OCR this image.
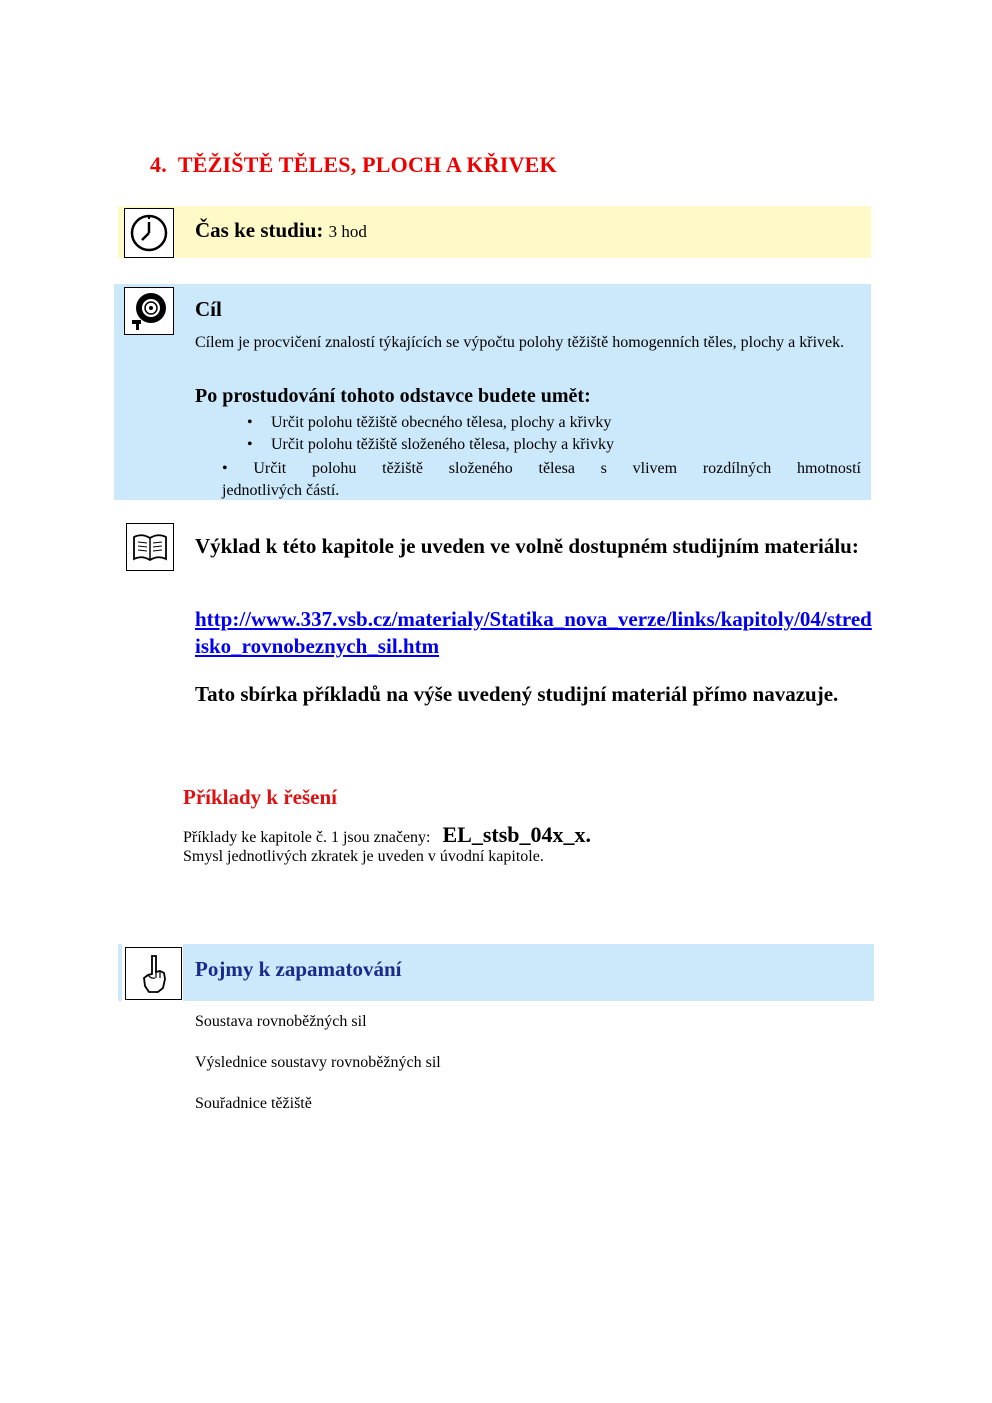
4. TĚŽIŠTĚ TĚLES, PLOCH A KŘIVEK
Čas ke studiu: 3 hod
Cíl
Cílem je procvičení znalostí týkajících se výpočtu polohy těžiště homogenních těles, plochy a křivek.
Po prostudování tohoto odstavce budete umět:
• Určit polohu těžiště obecného tělesa, plochy a křivky
• Určit polohu těžiště složeného tělesa, plochy a křivky
• Určit polohu těžiště složeného tělesa s vlivem rozdílných hmotností
jednotlivých částí.
Výklad k této kapitole je uveden ve volně dostupném studijním materiálu:
http://www.337.vsb.cz/materialy/Statika_nova_verze/links/kapitoly/04/stredisko_rovnobeznych_sil.htm
Tato sbírka příkladů na výše uvedený studijní materiál přímo navazuje.
Příklady k řešení
Příklady ke kapitole č. 1 jsou značeny: EL_stsb_04x_x.
Smysl jednotlivých zkratek je uveden v úvodní kapitole.
Pojmy k zapamatování
Soustava rovnoběžných sil
Výslednice soustavy rovnoběžných sil
Souřadnice těžiště
